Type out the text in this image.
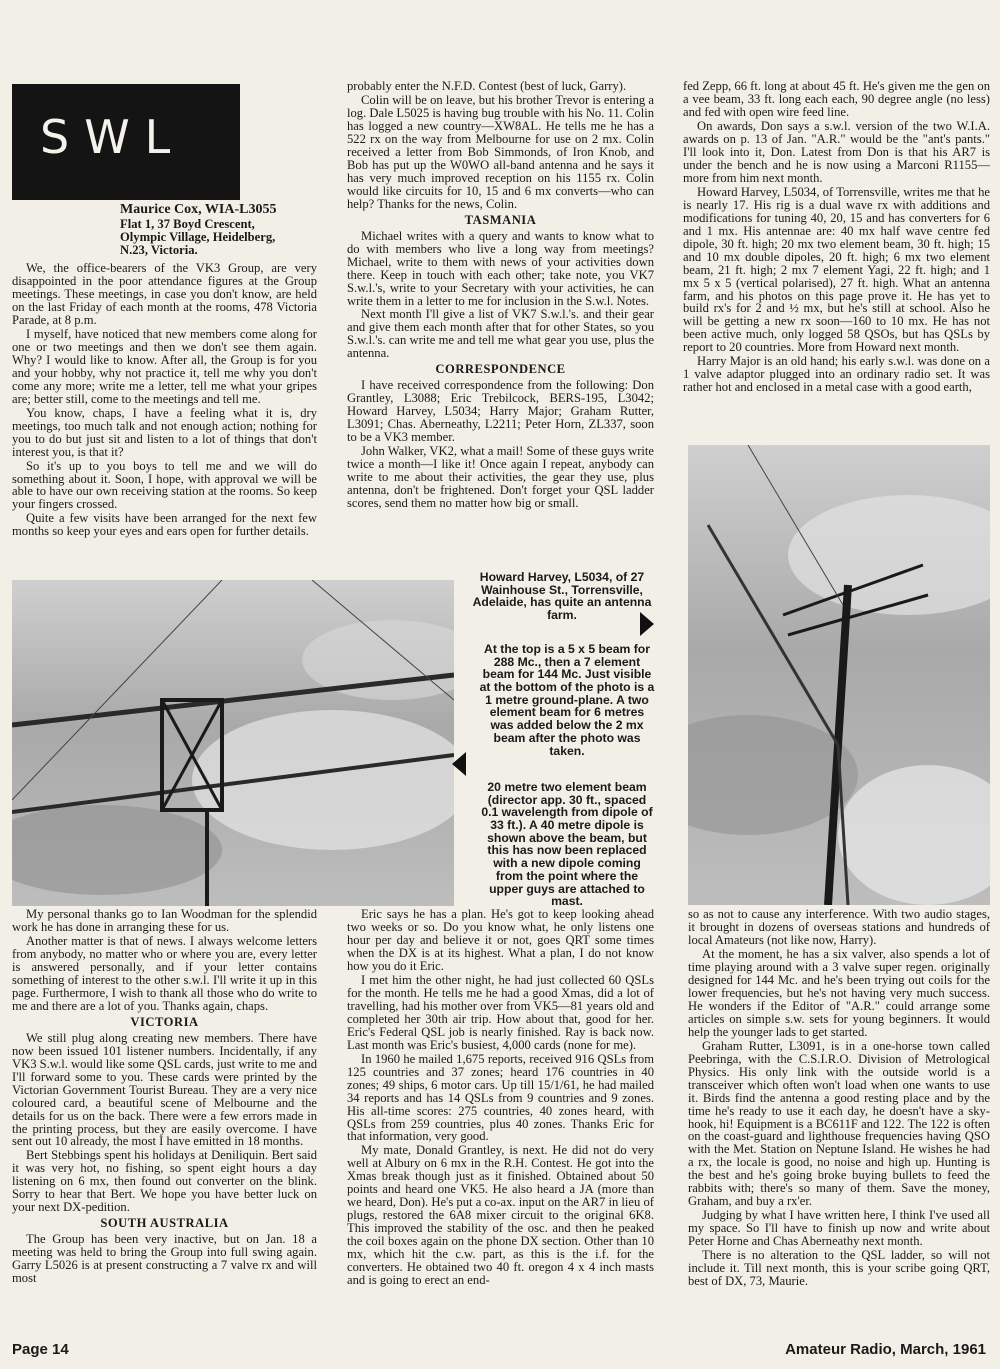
SWL
Maurice Cox, WIA-L3055
Flat 1, 37 Boyd Crescent,
Olympic Village, Heidelberg,
N.23, Victoria.

We, the office-bearers of the VK3 Group, are very disappointed in the poor attendance figures at the Group meetings. These meetings, in case you don't know, are held on the last Friday of each month at the rooms, 478 Victoria Parade, at 8 p.m.

I myself, have noticed that new members come along for one or two meetings and then we don't see them again. Why? I would like to know. After all, the Group is for you and your hobby, why not practice it, tell me why you don't come any more; write me a letter, tell me what your gripes are; better still, come to the meetings and tell me.

You know, chaps, I have a feeling what it is, dry meetings, too much talk and not enough action; nothing for you to do but just sit and listen to a lot of things that don't interest you, is that it?

So it's up to you boys to tell me and we will do something about it. Soon, I hope, with approval we will be able to have our own receiving station at the rooms. So keep your fingers crossed.

Quite a few visits have been arranged for the next few months so keep your eyes and ears open for further details.

probably enter the N.F.D. Contest (best of luck, Garry).

Colin will be on leave, but his brother Trevor is entering a log. Dale L5025 is having bug trouble with his No. 11. Colin has logged a new country—XW8AL. He tells me he has a 522 rx on the way from Melbourne for use on 2 mx. Colin received a letter from Bob Simmonds, of Iron Knob, and Bob has put up the W0WO all-band antenna and he says it has very much improved reception on his 1155 rx. Colin would like circuits for 10, 15 and 6 mx converts—who can help? Thanks for the news, Colin.

TASMANIA

Michael writes with a query and wants to know what to do with members who live a long way from meetings? Michael, write to them with news of your activities down there. Keep in touch with each other; take note, you VK7 S.w.l.'s, write to your Secretary with your activities, he can write them in a letter to me for inclusion in the S.w.l. Notes.

Next month I'll give a list of VK7 S.w.l.'s. and their gear and give them each month after that for other States, so you S.w.l.'s. can write me and tell me what gear you use, plus the antenna.

CORRESPONDENCE

I have received correspondence from the following: Don Grantley, L3088; Eric Trebilcock, BERS-195, L3042; Howard Harvey, L5034; Harry Major; Graham Rutter, L3091; Chas. Aberneathy, L2211; Peter Horn, ZL337, soon to be a VK3 member.

John Walker, VK2, what a mail! Some of these guys write twice a month—I like it! Once again I repeat, anybody can write to me about their activities, the gear they use, plus antenna, don't be frightened. Don't forget your QSL ladder scores, send them no matter how big or small.

fed Zepp, 66 ft. long at about 45 ft. He's given me the gen on a vee beam, 33 ft. long each each, 90 degree angle (no less) and fed with open wire feed line.

On awards, Don says a s.w.l. version of the two W.I.A. awards on p. 13 of Jan. "A.R." would be the "ant's pants." I'll look into it, Don. Latest from Don is that his AR7 is under the bench and he is now using a Marconi R1155—more from him next month.

Howard Harvey, L5034, of Torrensville, writes me that he is nearly 17. His rig is a dual wave rx with additions and modifications for tuning 40, 20, 15 and has converters for 6 and 1 mx. His antennae are: 40 mx half wave centre fed dipole, 30 ft. high; 20 mx two element beam, 30 ft. high; 15 and 10 mx double dipoles, 20 ft. high; 6 mx two element beam, 21 ft. high; 2 mx 7 element Yagi, 22 ft. high; and 1 mx 5 x 5 (vertical polarised), 27 ft. high. What an antenna farm, and his photos on this page prove it. He has yet to build rx's for 2 and ½ mx, but he's still at school. Also he will be getting a new rx soon—160 to 10 mx. He has not been active much, only logged 58 QSOs, but has QSLs by report to 20 countries. More from Howard next month.

Harry Major is an old hand; his early s.w.l. was done on a 1 valve adaptor plugged into an ordinary radio set. It was rather hot and enclosed in a metal case with a good earth,

Howard Harvey, L5034, of 27 Wainhouse St., Torrensville, Adelaide, has quite an antenna farm.

At the top is a 5 x 5 beam for 288 Mc., then a 7 element beam for 144 Mc. Just visible at the bottom of the photo is a 1 metre ground-plane. A two element beam for 6 metres was added below the 2 mx beam after the photo was taken.

20 metre two element beam (director app. 30 ft., spaced 0.1 wavelength from dipole of 33 ft.). A 40 metre dipole is shown above the beam, but this has now been replaced with a new dipole coming from the point where the upper guys are attached to mast.

My personal thanks go to Ian Woodman for the splendid work he has done in arranging these for us.

Another matter is that of news. I always welcome letters from anybody, no matter who or where you are, every letter is answered personally, and if your letter contains something of interest to the other s.w.l. I'll write it up in this page. Furthermore, I wish to thank all those who do write to me and there are a lot of you. Thanks again, chaps.

VICTORIA

We still plug along creating new members. There have now been issued 101 listener numbers. Incidentally, if any VK3 S.w.l. would like some QSL cards, just write to me and I'll forward some to you. These cards were printed by the Victorian Government Tourist Bureau. They are a very nice coloured card, a beautiful scene of Melbourne and the details for us on the back. There were a few errors made in the printing process, but they are easily overcome. I have sent out 10 already, the most I have emitted in 18 months.

Bert Stebbings spent his holidays at Deniliquin. Bert said it was very hot, no fishing, so spent eight hours a day listening on 6 mx, then found out converter on the blink. Sorry to hear that Bert. We hope you have better luck on your next DX-pedition.

SOUTH AUSTRALIA

The Group has been very inactive, but on Jan. 18 a meeting was held to bring the Group into full swing again. Garry L5026 is at present constructing a 7 valve rx and will most

Eric says he has a plan. He's got to keep looking ahead two weeks or so. Do you know what, he only listens one hour per day and believe it or not, goes QRT some times when the DX is at its highest. What a plan, I do not know how you do it Eric.

I met him the other night, he had just collected 60 QSLs for the month. He tells me he had a good Xmas, did a lot of travelling, had his mother over from VK5—81 years old and completed her 30th air trip. How about that, good for her. Eric's Federal QSL job is nearly finished. Ray is back now. Last month was Eric's busiest, 4,000 cards (none for me).

In 1960 he mailed 1,675 reports, received 916 QSLs from 125 countries and 37 zones; heard 176 countries in 40 zones; 49 ships, 6 motor cars. Up till 15/1/61, he had mailed 34 reports and has 14 QSLs from 9 countries and 9 zones. His all-time scores: 275 countries, 40 zones heard, with QSLs from 259 countries, plus 40 zones. Thanks Eric for that information, very good.

My mate, Donald Grantley, is next. He did not do very well at Albury on 6 mx in the R.H. Contest. He got into the Xmas break though just as it finished. Obtained about 50 points and heard one VK5. He also heard a JA (more than we heard, Don). He's put a co-ax. input on the AR7 in lieu of plugs, restored the 6A8 mixer circuit to the original 6K8. This improved the stability of the osc. and then he peaked the coil boxes again on the phone DX section. Other than 10 mx, which hit the c.w. part, as this is the i.f. for the converters. He obtained two 40 ft. oregon 4 x 4 inch masts and is going to erect an end-

so as not to cause any interference. With two audio stages, it brought in dozens of overseas stations and hundreds of local Amateurs (not like now, Harry).

At the moment, he has a six valver, also spends a lot of time playing around with a 3 valve super regen. originally designed for 144 Mc. and he's been trying out coils for the lower frequencies, but he's not having very much success. He wonders if the Editor of "A.R." could arrange some articles on simple s.w. sets for young beginners. It would help the younger lads to get started.

Graham Rutter, L3091, is in a one-horse town called Peebringa, with the C.S.I.R.O. Division of Metrological Physics. His only link with the outside world is a transceiver which often won't load when one wants to use it. Birds find the antenna a good resting place and by the time he's ready to use it each day, he doesn't have a sky-hook, hi! Equipment is a BC611F and 122. The 122 is often on the coast-guard and lighthouse frequencies having QSO with the Met. Station on Neptune Island. He wishes he had a rx, the locale is good, no noise and high up. Hunting is the best and he's going broke buying bullets to feed the rabbits with; there's so many of them. Save the money, Graham, and buy a rx'er.

Judging by what I have written here, I think I've used all my space. So I'll have to finish up now and write about Peter Horne and Chas Aberneathy next month.

There is no alteration to the QSL ladder, so will not include it. Till next month, this is your scribe going QRT, best of DX, 73, Maurie.

Page 14	Amateur Radio, March, 1961
